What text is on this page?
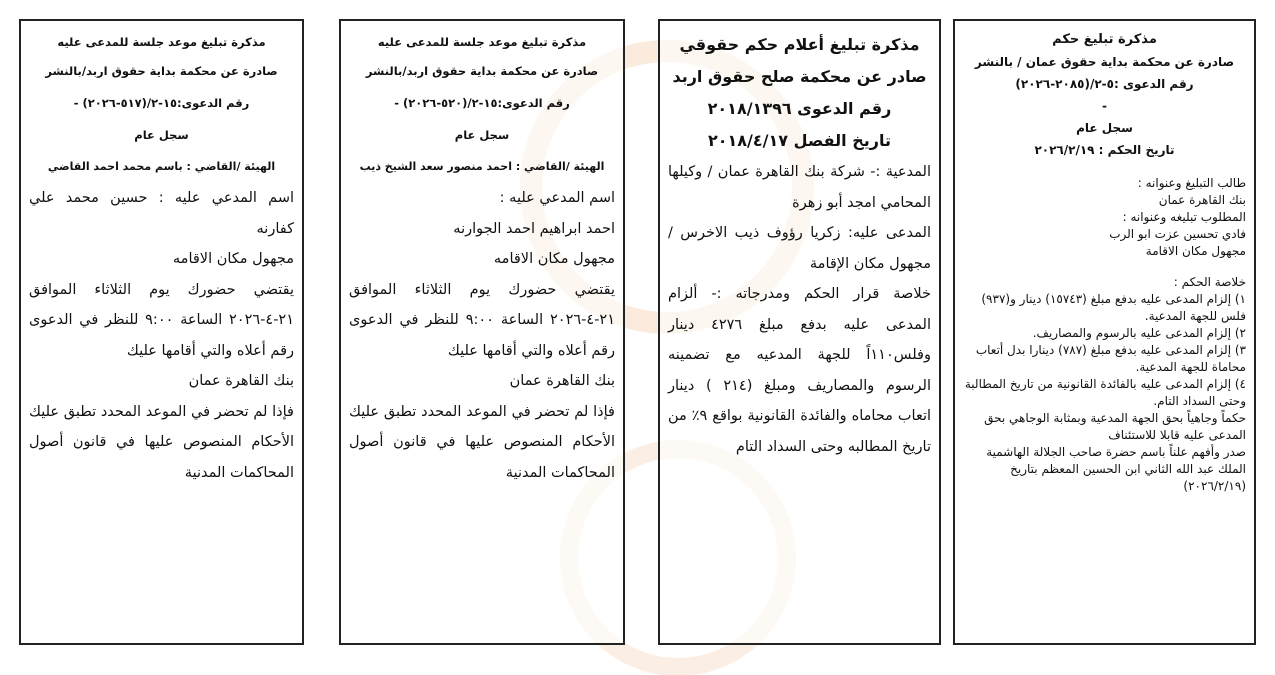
مذكرة تبليغ حكم
صادرة عن محكمة بداية حقوق عمان / بالنشر
رقم الدعوى :٥-٢/(٢٠٨٥-٢٠٢٦)
-
سجل عام
تاريخ الحكم : ٢٠٢٦/٢/١٩
طالب التبليغ وعنوانه :
بنك القاهرة عمان
المطلوب تبليغه وعنوانه :
فادي تحسين عزت ابو الرب
مجهول مكان الاقامة
خلاصة الحكم :
١) إلزام المدعى عليه بدفع مبلغ (١٥٧٤٣) دينار و(٩٣٧) فلس للجهة المدعية.
٢) إلزام المدعى عليه بالرسوم والمصاريف.
٣) إلزام المدعى عليه بدفع مبلغ (٧٨٧) دينارا بدل أتعاب محاماة للجهة المدعية.
٤) إلزام المدعى عليه بالفائدة القانونية من تاريخ المطالبة وحتى السداد التام.
حكماً وجاهياً بحق الجهة المدعية وبمثابة الوجاهي بحق المدعى عليه قابلا للاستئناف
صدر وأفهم علناً باسم حضرة صاحب الجلالة الهاشمية الملك عبد الله الثاني ابن الحسين المعظم بتاريخ (٢٠٢٦/٢/١٩)
مذكرة تبليغ أعلام حكم حقوقي
صادر عن محكمة صلح حقوق اربد
رقم الدعوى ٢٠١٨/١٣٩٦
تاريخ الفصل ٢٠١٨/٤/١٧
المدعية :- شركة بنك القاهرة عمان / وكيلها المحامي امجد أبو زهرة
المدعى عليه: زكريا رؤوف ذيب الاخرس / مجهول مكان الإقامة
خلاصة قرار الحكم ومدرجاته :- ألزام المدعى عليه بدفع مبلغ ٤٢٧٦ دينار وفلس١١٠اً للجهة المدعيه مع تضمينه الرسوم والمصاريف ومبلغ (٢١٤ ) دينار اتعاب محاماه والفائدة القانونية بواقع ٩٪ من تاريخ المطالبه وحتى السداد التام
مذكرة تبليغ موعد جلسة للمدعى عليه
صادرة عن محكمة بداية حقوق اربد/بالنشر
رقم الدعوى:١٥-٢/(٥٢٠-٢٠٢٦) -
سجل عام
الهيئة /القاضي : احمد منصور سعد الشيخ ذيب
اسم المدعي عليه :
احمد ابراهيم احمد الجوارنه
مجهول مكان الاقامه
يقتضي حضورك يوم الثلاثاء الموافق ٢١-٤-٢٠٢٦ الساعة ٩:٠٠ للنظر في الدعوى رقم أعلاه والتي أقامها عليك
بنك القاهرة عمان
فإذا لم تحضر في الموعد المحدد تطبق عليك الأحكام المنصوص عليها في قانون أصول المحاكمات المدنية
مذكرة تبليغ موعد جلسة للمدعى عليه
صادرة عن محكمة بداية حقوق اربد/بالنشر
رقم الدعوى:١٥-٢/(٥١٧-٢٠٢٦) -
سجل عام
الهيئة /القاضي : باسم محمد احمد القاضي
اسم المدعي عليه : حسين محمد علي كفارنه
مجهول مكان الاقامه
يقتضي حضورك يوم الثلاثاء الموافق ٢١-٤-٢٠٢٦ الساعة ٩:٠٠ للنظر في الدعوى رقم أعلاه والتي أقامها عليك
بنك القاهرة عمان
فإذا لم تحضر في الموعد المحدد تطبق عليك الأحكام المنصوص عليها في قانون أصول المحاكمات المدنية
